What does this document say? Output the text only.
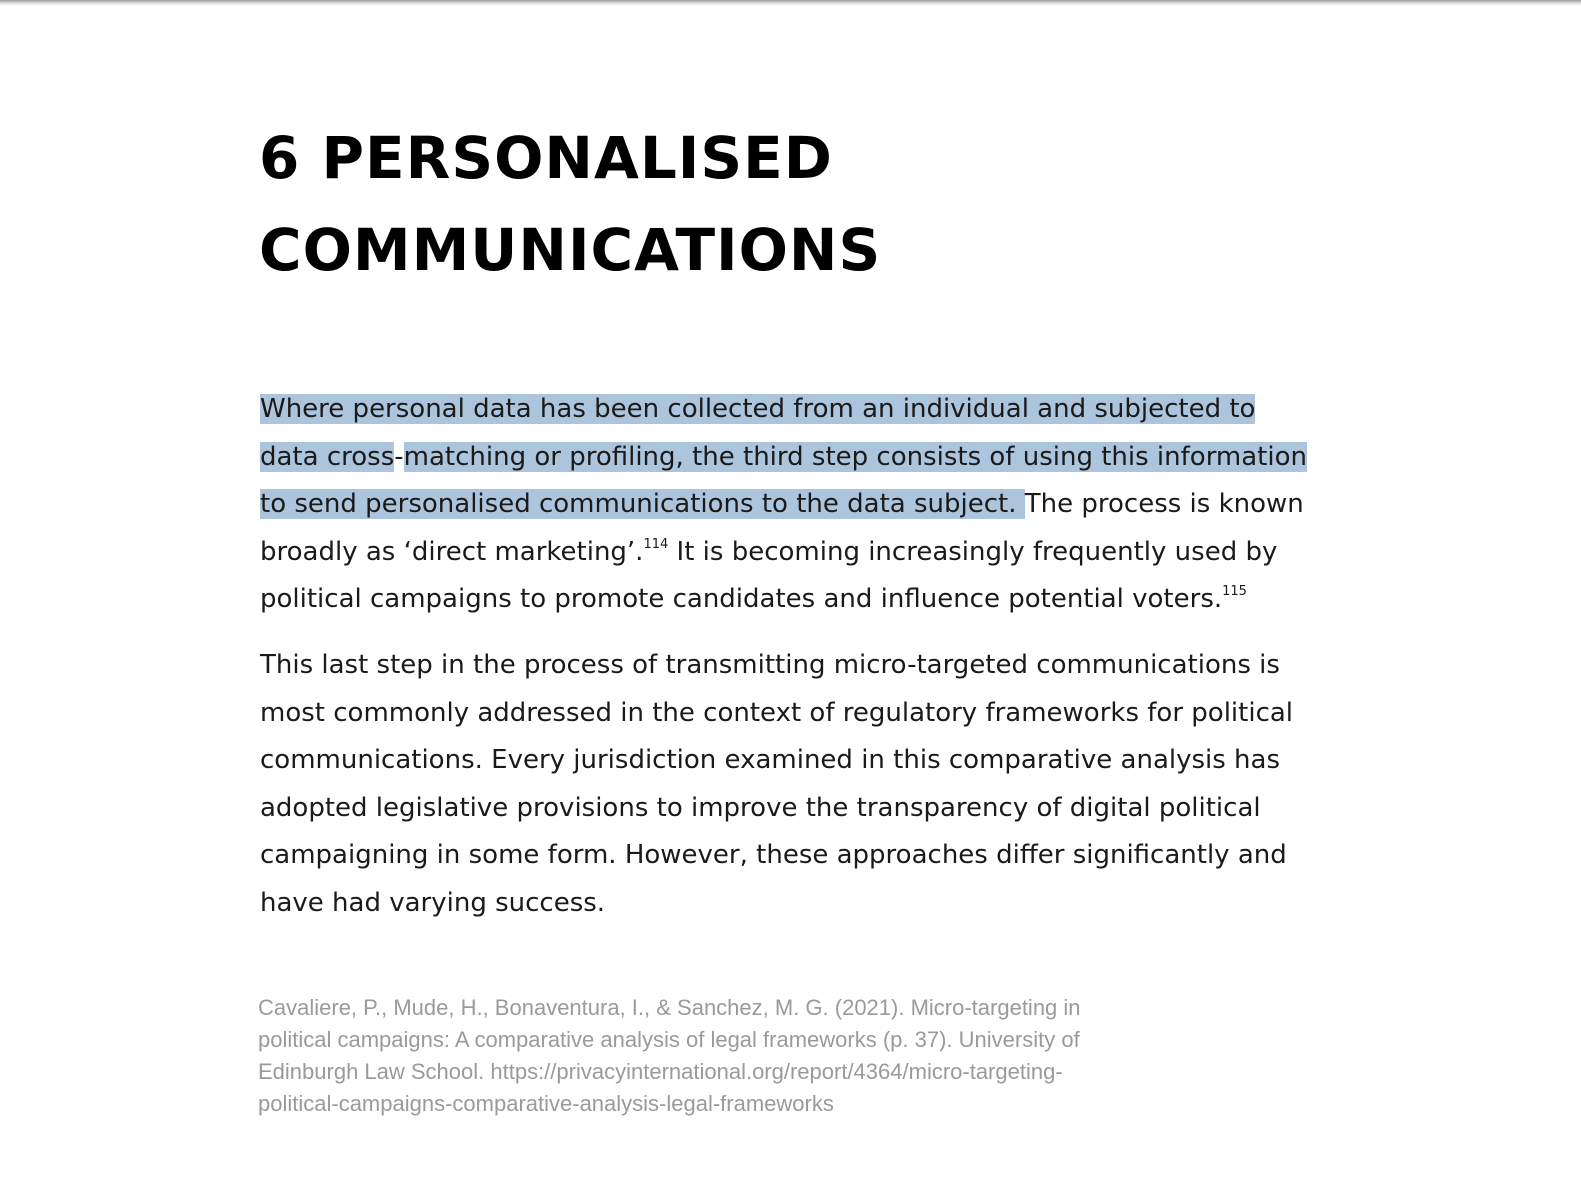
6 PERSONALISED
COMMUNICATIONS

Where personal data has been collected from an individual and subjected to
data cross-matching or profiling, the third step consists of using this information
to send personalised communications to the data subject. The process is known
broadly as ‘direct marketing’.$^{114}$ It is becoming increasingly frequently used by
political campaigns to promote candidates and influence potential voters.$^{115}$

This last step in the process of transmitting micro-targeted communications is
most commonly addressed in the context of regulatory frameworks for political
communications. Every jurisdiction examined in this comparative analysis has
adopted legislative provisions to improve the transparency of digital political
campaigning in some form. However, these approaches differ significantly and
have had varying success.

Cavaliere, P., Mude, H., Bonaventura, I., & Sanchez, M. G. (2021). Micro-targeting in
political campaigns: A comparative analysis of legal frameworks (p. 37). University of
Edinburgh Law School. https://privacyinternational.org/report/4364/micro-targeting-
political-campaigns-comparative-analysis-legal-frameworks
